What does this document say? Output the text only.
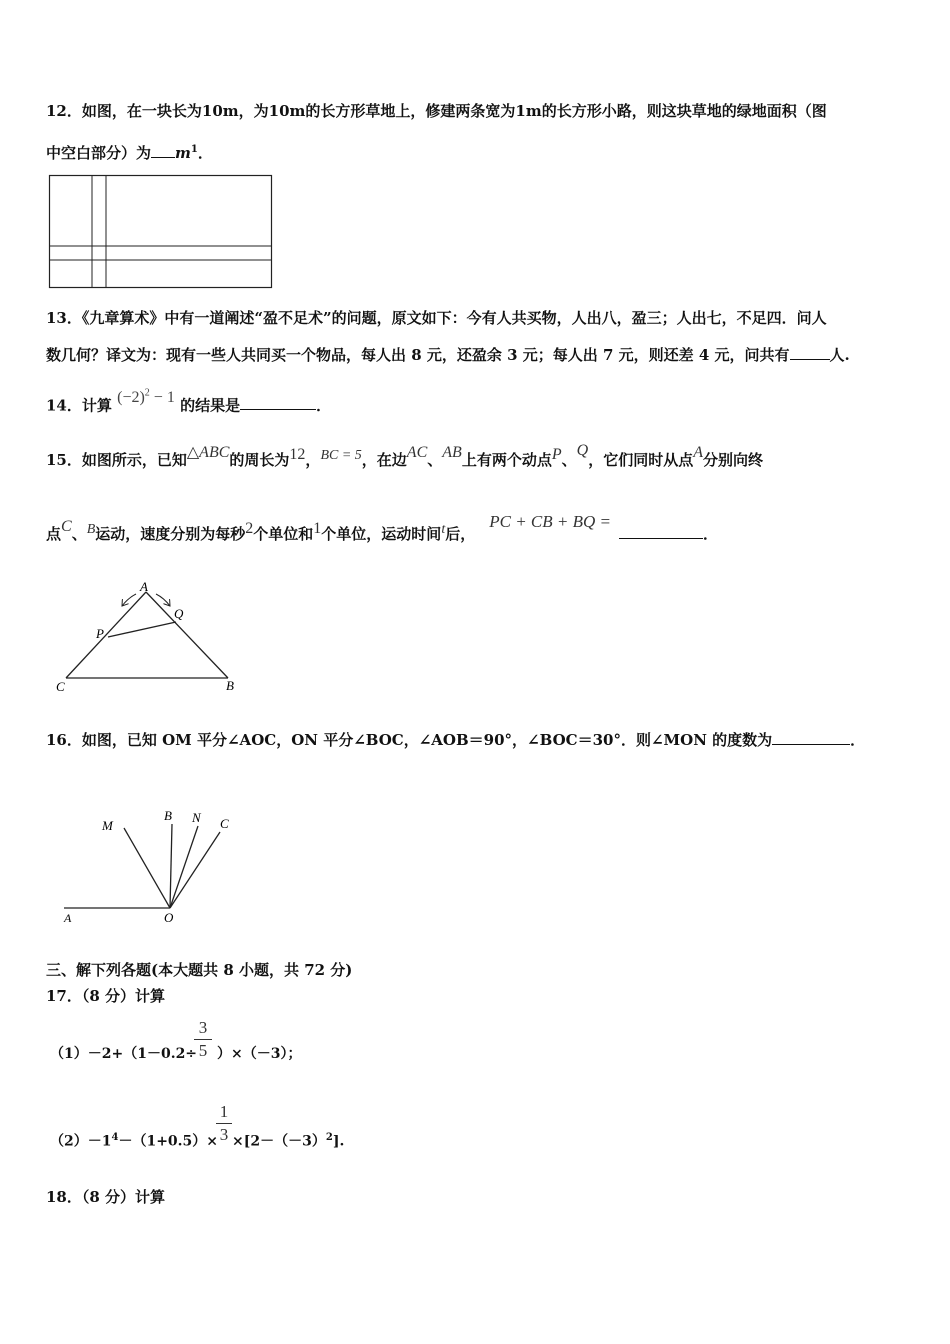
12．如图，在一块长为10m，为10m的长方形草地上，修建两条宽为1m的长方形小路，则这块草地的绿地面积（图
中空白部分）为 $m^1$．
13．《九章算术》中有一道阐述“盈不足术”的问题，原文如下：今有人共买物，人出八，盈三；人出七，不足四．问人
数几何？译文为：现有一些人共同买一个物品，每人出 8 元，还盈余 3 元；每人出 7 元，则还差 4 元，问共有	人.
14．计算 $(-2)^2 - 1$ 的结果是	．
15．如图所示，已知△ABC的周长为12，BC = 5，在边AC、AB上有两个动点P、Q，它们同时从点A分别向终
点C、B运动，速度分别为每秒2个单位和1个单位，运动时间t后，PC + CB + BQ =．
A
P
Q
C	B
16．如图，已知 OM 平分∠AOC，ON 平分∠BOC，∠AOB＝90°，∠BOC＝30°．则∠MON 的度数为	．
M
B N C
A	O
三、解下列各题(本大题共 8 小题，共 72 分)
17．（8 分）计算
（1）－2+（1－0.2÷ ）×（－3）；
3
5
$(2)-1^4-(1+0.5)\times \times[2-(-3)^2]$.
1
3
18．（8 分）计算
